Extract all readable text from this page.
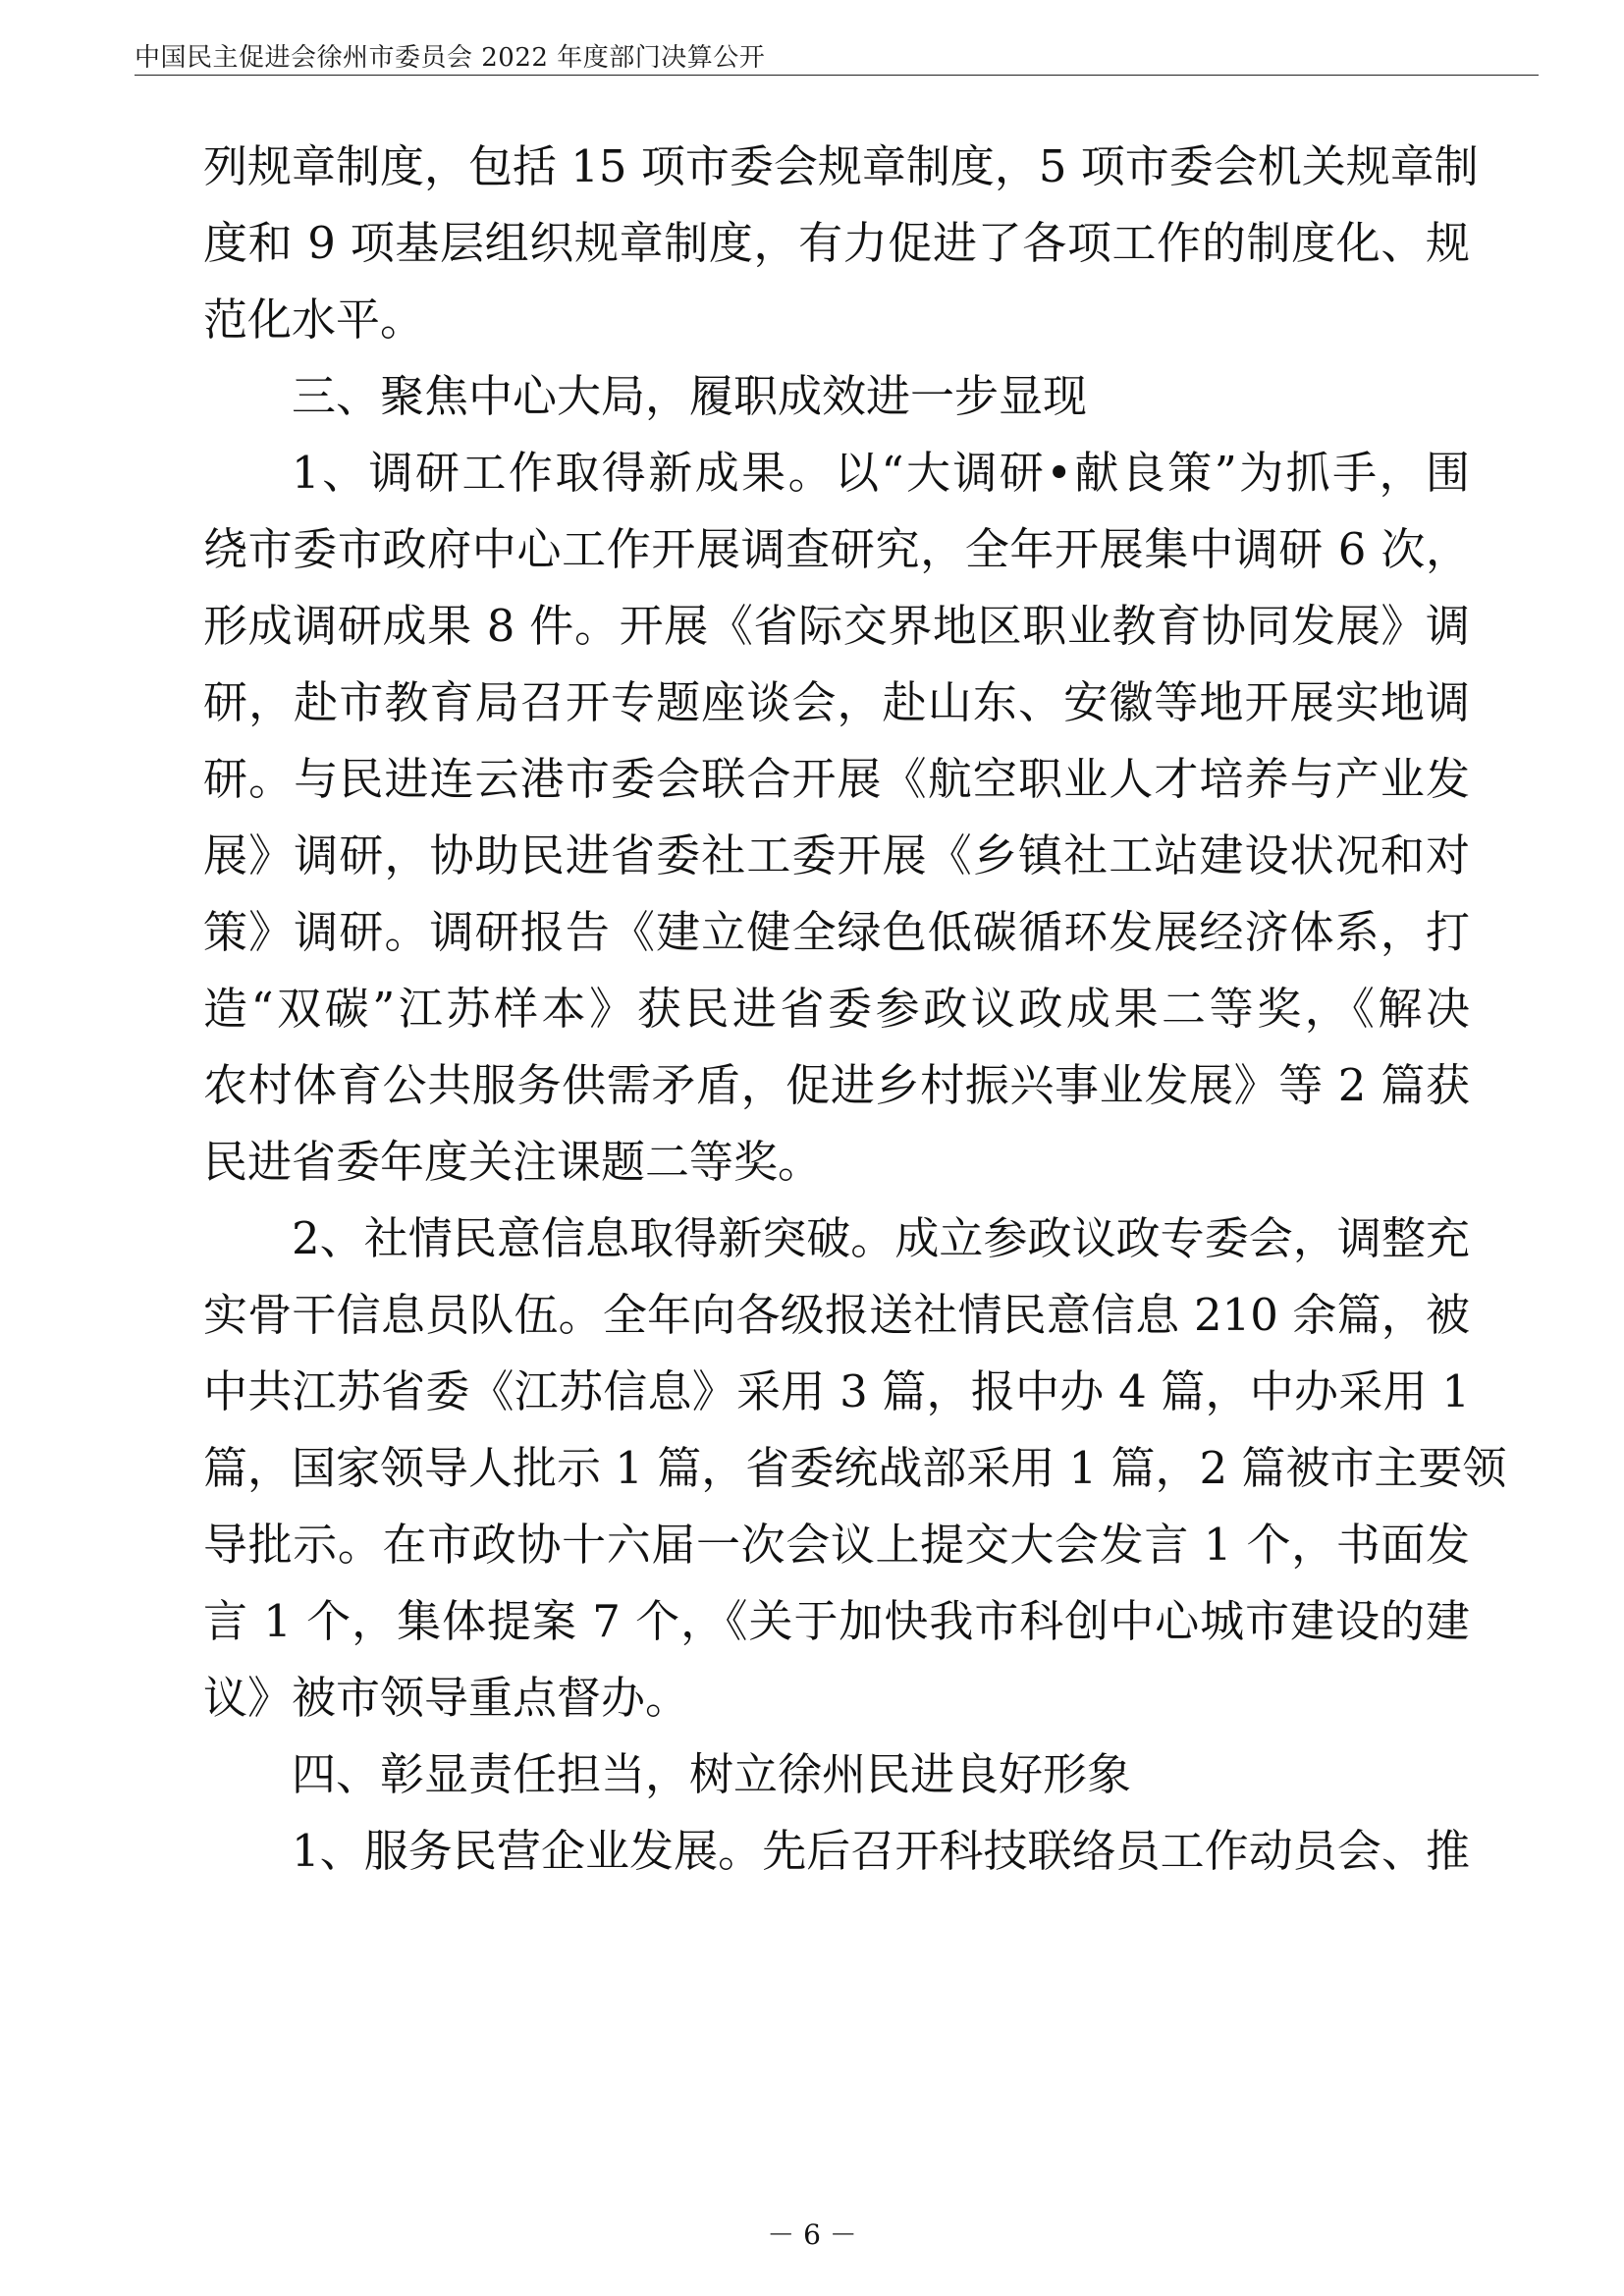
中国民主促进会徐州市委员会 2022 年度部门决算公开
列规章制度，包括 15 项市委会规章制度，5 项市委会机关规章制
度和 9 项基层组织规章制度，有力促进了各项工作的制度化、规
范化水平。
三、聚焦中心大局，履职成效进一步显现
1、调研工作取得新成果。以“大调研•献良策”为抓手，围
绕市委市政府中心工作开展调查研究，全年开展集中调研 6 次，
形成调研成果 8 件。开展《省际交界地区职业教育协同发展》调
研，赴市教育局召开专题座谈会，赴山东、安徽等地开展实地调
研。与民进连云港市委会联合开展《航空职业人才培养与产业发
展》调研，协助民进省委社工委开展《乡镇社工站建设状况和对
策》调研。调研报告《建立健全绿色低碳循环发展经济体系，打
造“双碳”江苏样本》获民进省委参政议政成果二等奖，《解决
农村体育公共服务供需矛盾，促进乡村振兴事业发展》等 2 篇获
民进省委年度关注课题二等奖。
2、社情民意信息取得新突破。成立参政议政专委会，调整充
实骨干信息员队伍。全年向各级报送社情民意信息 210 余篇，被
中共江苏省委《江苏信息》采用 3 篇，报中办 4 篇，中办采用 1
篇，国家领导人批示 1 篇，省委统战部采用 1 篇，2 篇被市主要领
导批示。在市政协十六届一次会议上提交大会发言 1 个，书面发
言 1 个，集体提案 7 个，《关于加快我市科创中心城市建设的建
议》被市领导重点督办。
四、彰显责任担当，树立徐州民进良好形象
1、服务民营企业发展。先后召开科技联络员工作动员会、推
－ 6 －
